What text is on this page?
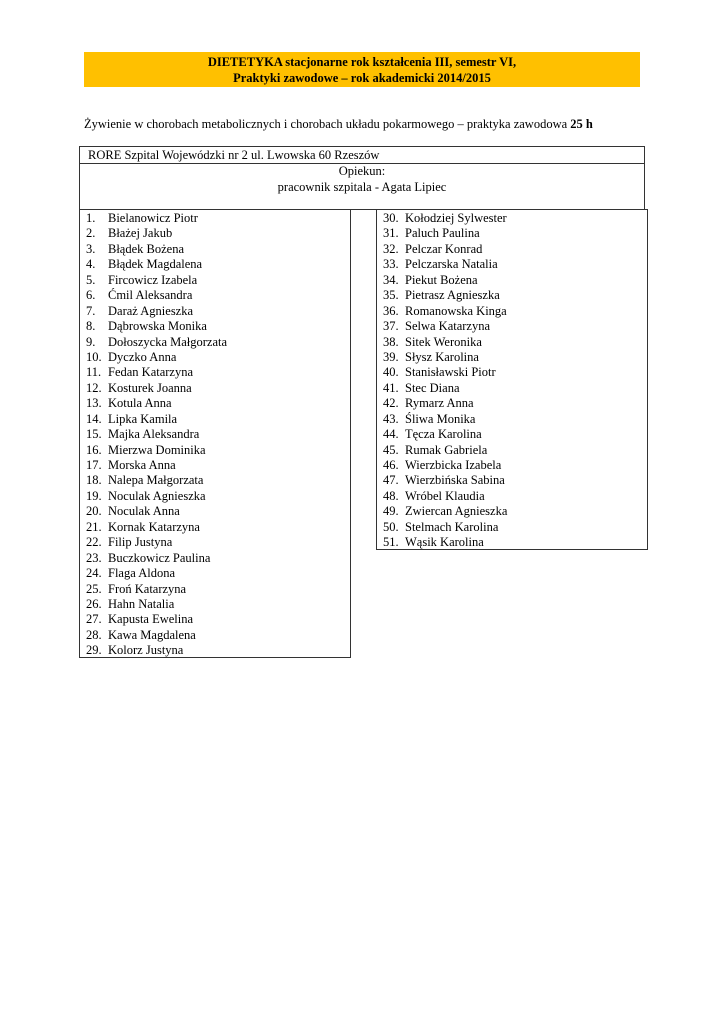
DIETETYKA stacjonarne rok kształcenia III, semestr VI,
Praktyki zawodowe – rok akademicki 2014/2015
Żywienie w chorobach metabolicznych i chorobach układu pokarmowego – praktyka zawodowa 25 h
RORE Szpital Wojewódzki nr 2 ul. Lwowska 60 Rzeszów
Opiekun:
pracownik szpitala - Agata Lipiec
1. Bielanowicz Piotr
2. Błażej Jakub
3. Błądek Bożena
4. Błądek Magdalena
5. Fircowicz Izabela
6. Ćmil Aleksandra
7. Daraż Agnieszka
8. Dąbrowska Monika
9. Dołoszycka Małgorzata
10. Dyczko Anna
11. Fedan Katarzyna
12. Kosturek Joanna
13. Kotula Anna
14. Lipka Kamila
15. Majka Aleksandra
16. Mierzwa Dominika
17. Morska Anna
18. Nalepa Małgorzata
19. Noculak Agnieszka
20. Noculak Anna
21. Kornak Katarzyna
22. Filip Justyna
23. Buczkowicz Paulina
24. Flaga Aldona
25. Froń Katarzyna
26. Hahn Natalia
27. Kapusta Ewelina
28. Kawa Magdalena
29. Kolorz Justyna
30. Kołodziej Sylwester
31. Paluch Paulina
32. Pelczar Konrad
33. Pelczarska Natalia
34. Piekut Bożena
35. Pietrasz Agnieszka
36. Romanowska Kinga
37. Selwa Katarzyna
38. Sitek Weronika
39. Słysz Karolina
40. Stanisławski Piotr
41. Stec Diana
42. Rymarz Anna
43. Śliwa Monika
44. Tęcza Karolina
45. Rumak Gabriela
46. Wierzbicka Izabela
47. Wierzbińska Sabina
48. Wróbel Klaudia
49. Zwiercan Agnieszka
50. Stelmach Karolina
51. Wąsik Karolina
